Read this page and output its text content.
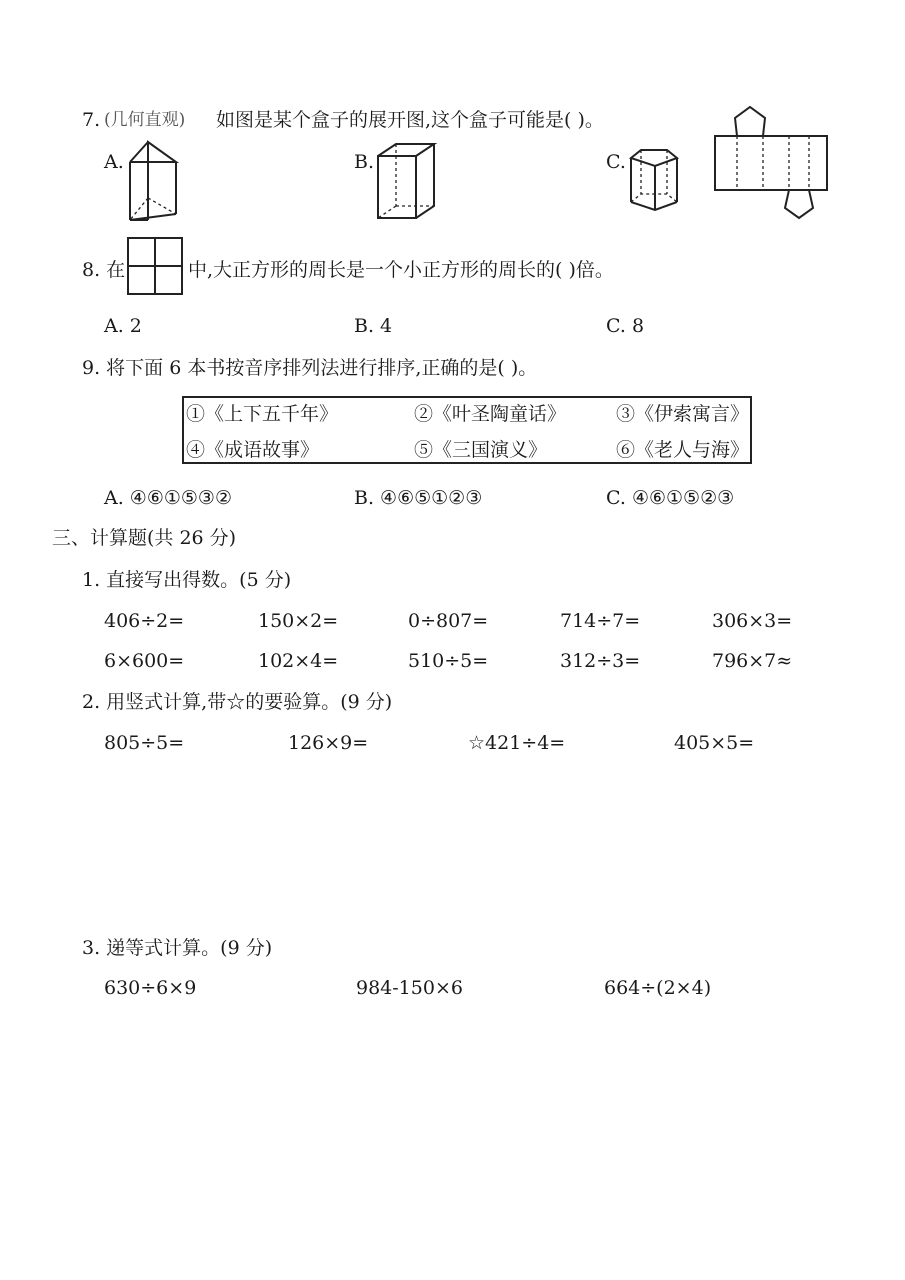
7. (几何直观) 如图是某个盒子的展开图,这个盒子可能是( )。
A.	B.	C.
8. 在	中,大正方形的周长是一个小正方形的周长的( )倍。
A. 2	B. 4	C. 8
9. 将下面 6 本书按音序排列法进行排序,正确的是( )。
①《上下五千年》	②《叶圣陶童话》	③《伊索寓言》
④《成语故事》	⑤《三国演义》	⑥《老人与海》
A. ④⑥①⑤③②	B. ④⑥⑤①②③	C. ④⑥①⑤②③
三、计算题(共 26 分)
1. 直接写出得数。(5 分)
406÷2=	150×2=	0÷807=	714÷7=	306×3=
6×600=	102×4=	510÷5=	312÷3=	796×7≈
2. 用竖式计算,带☆的要验算。(9 分)
805÷5=	126×9=	☆421÷4=	405×5=
3. 递等式计算。(9 分)
630÷6×9	984-150×6	664÷(2×4)
